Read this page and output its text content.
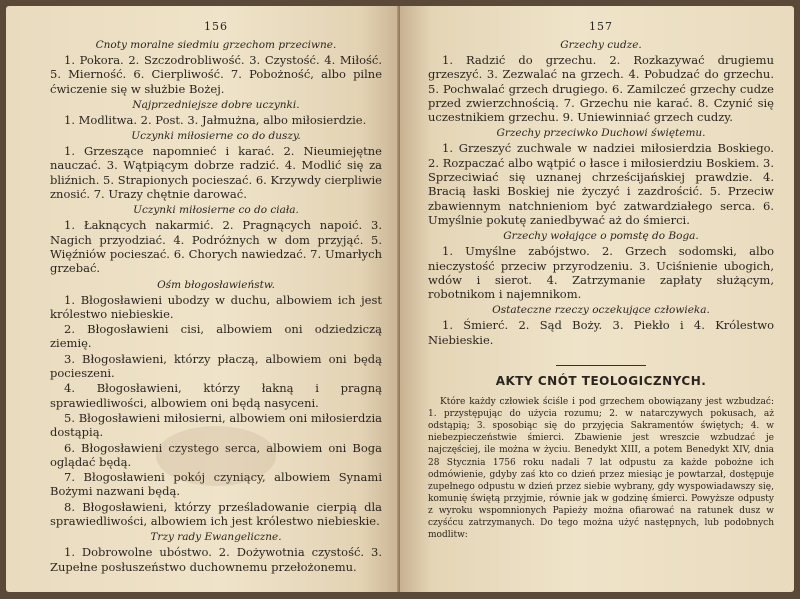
156
Cnoty moralne siedmiu grzechom przeciwne.

1. Pokora. 2. Szczodrobliwość. 3. Czystość. 4. Miłość. 5. Mierność. 6. Cierpliwość. 7. Pobożność, albo pilne ćwiczenie się w służbie Bożej.

Najprzedniejsze dobre uczynki.

1. Modlitwa. 2. Post. 3. Jałmużna, albo miłosierdzie.

Uczynki miłosierne co do duszy.

1. Grzeszące napomnieć i karać. 2. Nieumiejętne nauczać. 3. Wątpiącym dobrze radzić. 4. Modlić się za bliźnich. 5. Strapionych pocieszać. 6. Krzywdy cierpliwie znosić. 7. Urazy chętnie darować.

Uczynki miłosierne co do ciała.

1. Łaknących nakarmić. 2. Pragnących napoić. 3. Nagich przyodziać. 4. Podróżnych w dom przyjąć. 5. Więźniów pocieszać. 6. Chorych nawiedzać. 7. Umarłych grzebać.

Ośm błogosławieństw.

1. Błogosławieni ubodzy w duchu, albowiem ich jest królestwo niebieskie.

2. Błogosławieni cisi, albowiem oni odziedziczą ziemię.

3. Błogosławieni, którzy płaczą, albowiem oni będą pocieszeni.

4. Błogosławieni, którzy łakną i pragną sprawiedliwości, albowiem oni będą nasyceni.

5. Błogosławieni miłosierni, albowiem oni miłosierdzia dostąpią.

6. Błogosławieni czystego serca, albowiem oni Boga oglądać będą.

7. Błogosławieni pokój czyniący, albowiem Synami Bożymi nazwani będą.

8. Błogosławieni, którzy prześladowanie cierpią dla sprawiedliwości, albowiem ich jest królestwo niebieskie.

Trzy rady Ewangeliczne.

1. Dobrowolne ubóstwo. 2. Dożywotnia czystość. 3. Zupełne posłuszeństwo duchownemu przełożonemu.

157
Grzechy cudze.

1. Radzić do grzechu. 2. Rozkazywać drugiemu grzeszyć. 3. Zezwalać na grzech. 4. Pobudzać do grzechu. 5. Pochwalać grzech drugiego. 6. Zamilczeć grzechy cudze przed zwierzchnością. 7. Grzechu nie karać. 8. Czynić się uczestnikiem grzechu. 9. Uniewinniać grzech cudzy.

Grzechy przeciwko Duchowi świętemu.

1. Grzeszyć zuchwale w nadziei miłosierdzia Boskiego. 2. Rozpaczać albo wątpić o łasce i miłosierdziu Boskiem. 3. Sprzeciwiać się uznanej chrześcijańskiej prawdzie. 4. Bracią łaski Boskiej nie życzyć i zazdrościć. 5. Przeciw zbawiennym natchnieniom być zatwardziałego serca. 6. Umyślnie pokutę zaniedbywać aż do śmierci.

Grzechy wołające o pomstę do Boga.

1. Umyślne zabójstwo. 2. Grzech sodomski, albo nieczystość przeciw przyrodzeniu. 3. Uciśnienie ubogich, wdów i sierot. 4. Zatrzymanie zapłaty służącym, robotnikom i najemnikom.

Ostateczne rzeczy oczekujące człowieka.

1. Śmierć. 2. Sąd Boży. 3. Piekło i 4. Królestwo Niebieskie.

AKTY CNÓT TEOLOGICZNYCH.

Które każdy człowiek ściśle i pod grzechem obowiązany jest wzbudzać: 1. przystępując do użycia rozumu; 2. w natarczywych pokusach, aż odstąpią; 3. sposobiąc się do przyjęcia Sakramentów świętych; 4. w niebezpieczeństwie śmierci. Zbawienie jest wreszcie wzbudzać je najczęściej, ile można w życiu. Benedykt XIII, a potem Benedykt XIV, dnia 28 Stycznia 1756 roku nadali 7 lat odpustu za każde pobożne ich odmówienie, gdyby zaś kto co dzień przez miesiąc je powtarzał, dostępuje zupełnego odpustu w dzień przez siebie wybrany, gdy wyspowiadawszy się, komunię świętą przyjmie, równie jak w godzinę śmierci. Powyższe odpusty z wyroku wspomnionych Papieży można ofiarować na ratunek dusz w czyśćcu zatrzymanych. Do tego można użyć następnych, lub podobnych modlitw:
